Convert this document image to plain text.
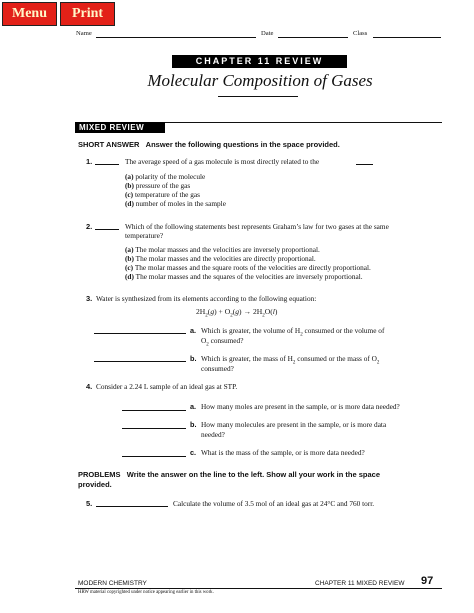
Menu	Print
Name	Date	Class
CHAPTER 11 REVIEW
Molecular Composition of Gases
MIXED REVIEW
SHORT ANSWER Answer the following questions in the space provided.
1.	The average speed of a gas molecule is most directly related to the
(a) polarity of the molecule
(b) pressure of the gas
(c) temperature of the gas
(d) number of moles in the sample
2.	Which of the following statements best represents Graham’s law for two gases at the same
temperature?
(a) The molar masses and the velocities are inversely proportional.
(b) The molar masses and the velocities are directly proportional.
(c) The molar masses and the square roots of the velocities are directly proportional.
(d) The molar masses and the squares of the velocities are inversely proportional.
3. Water is synthesized from its elements according to the following equation:
$2H_2(g) + O_2(g) \to 2H_2O(l)$
a. Which is greater, the volume of $H_2$ consumed or the volume of
$O_2$ consumed?
b. Which is greater, the mass of $H_2$ consumed or the mass of $O_2$
consumed?
4. Consider a 2.24 L sample of an ideal gas at STP.
a. How many moles are present in the sample, or is more data needed?
b. How many molecules are present in the sample, or is more data
needed?
c. What is the mass of the sample, or is more data needed?
PROBLEMS Write the answer on the line to the left. Show all your work in the space
provided.
5.	Calculate the volume of 3.5 mol of an ideal gas at 24°C and 760 torr.
MODERN CHEMISTRY	CHAPTER 11 MIXED REVIEW 97
HRW material copyrighted under notice appearing earlier in this work.
